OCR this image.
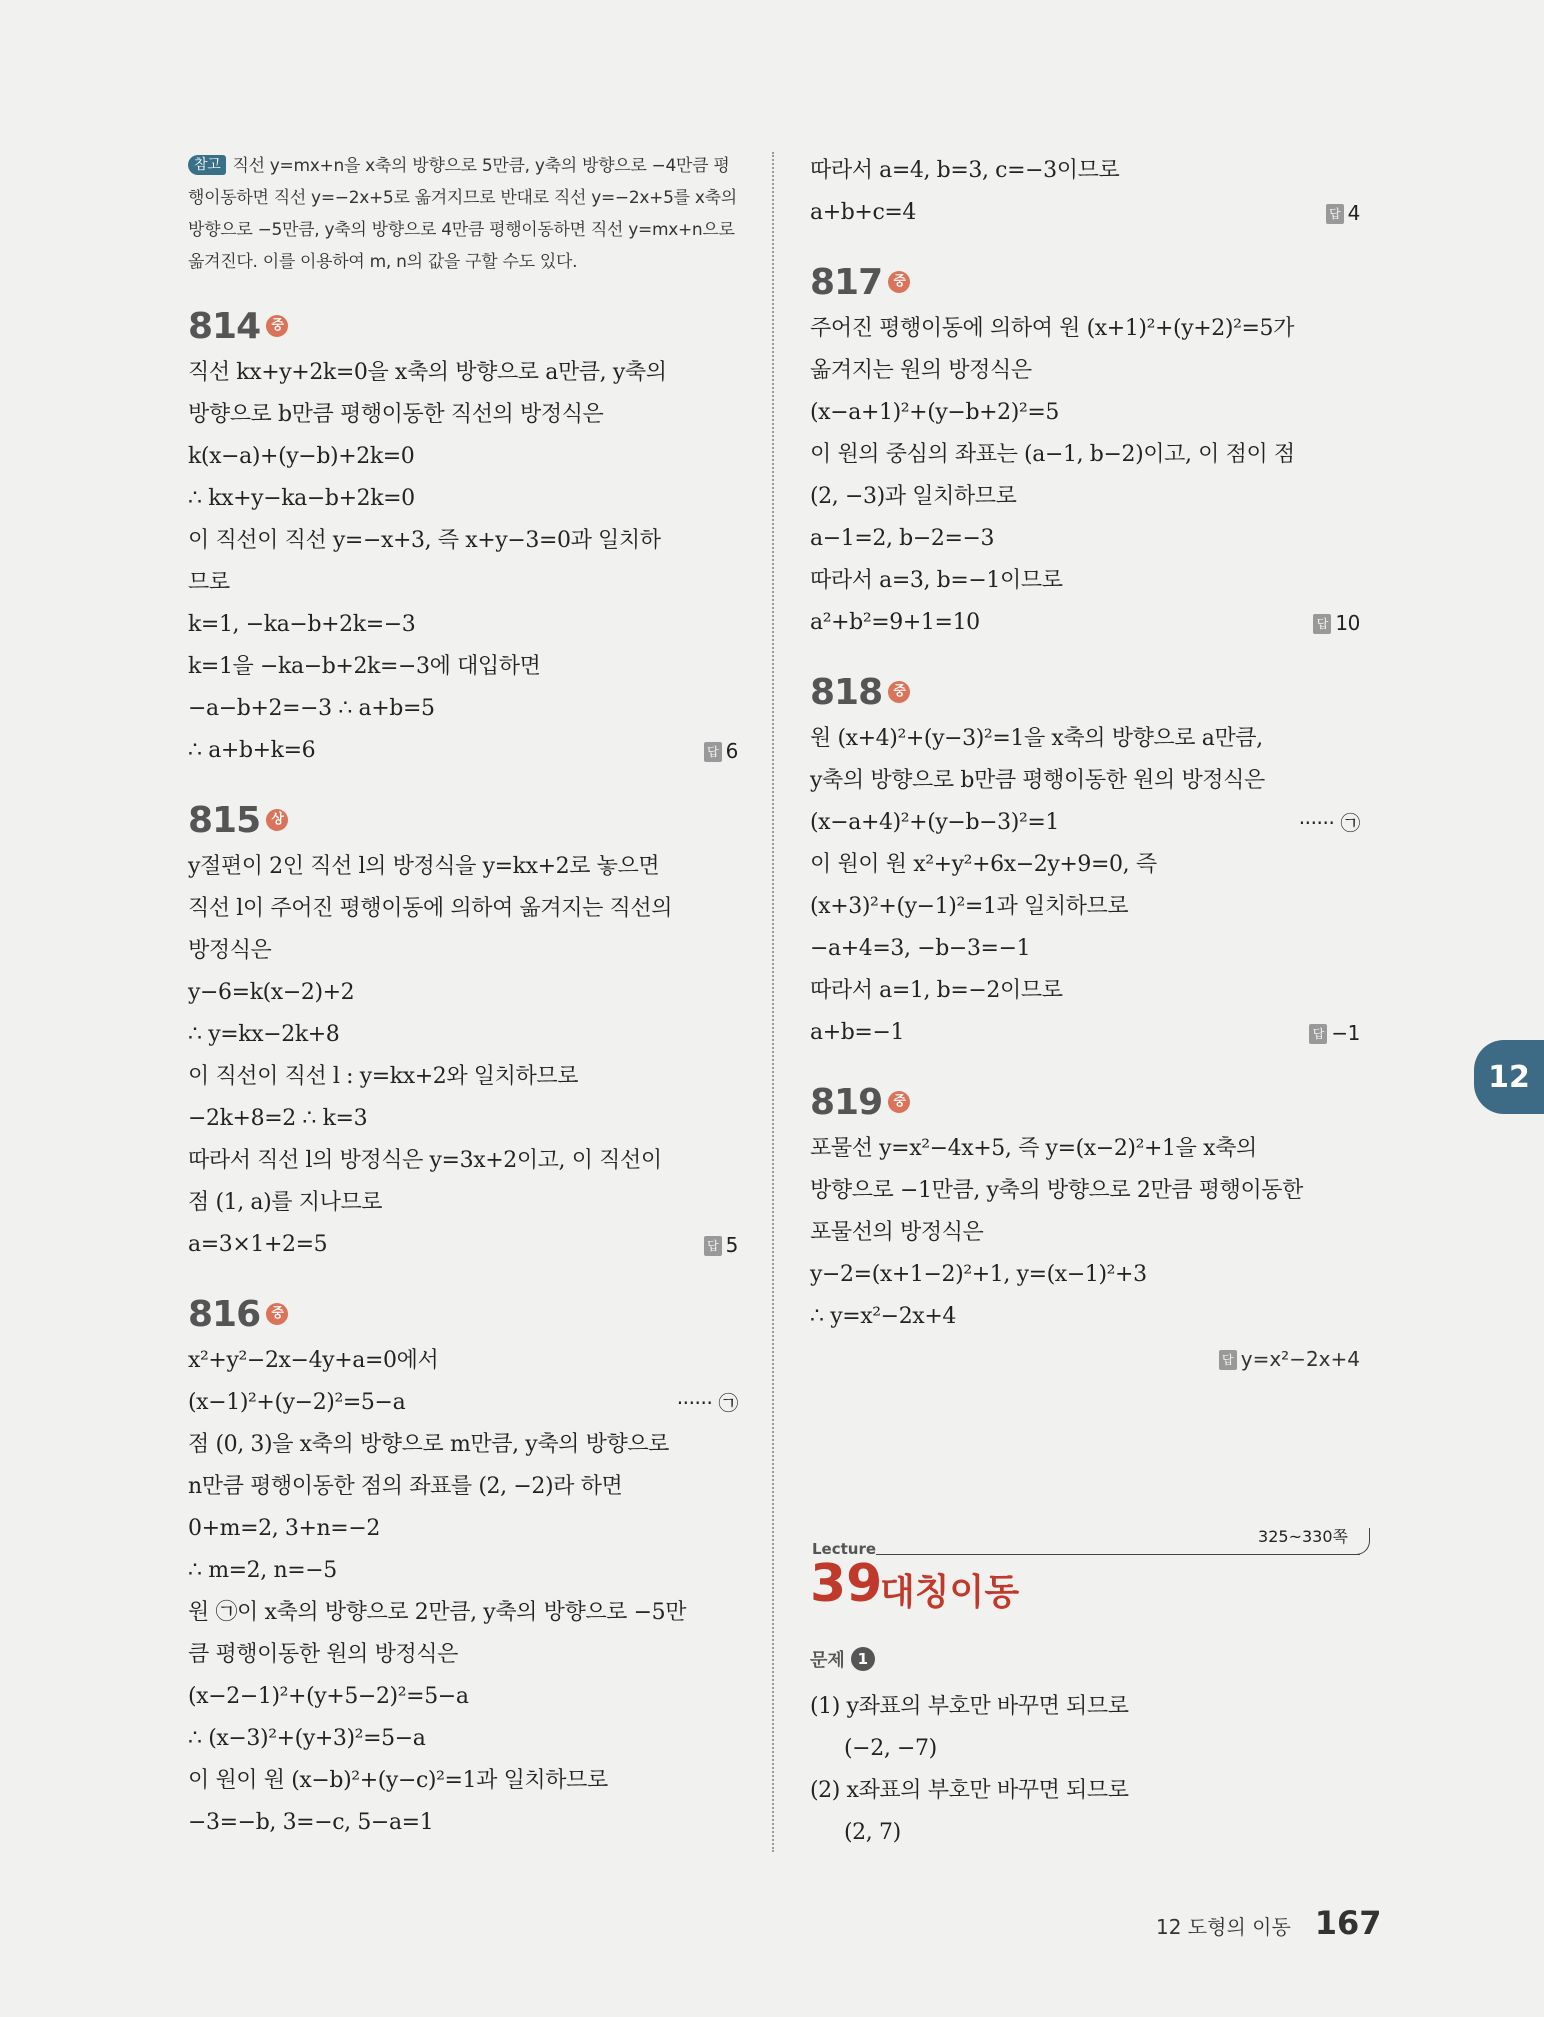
참고 직선 y=mx+n을 x축의 방향으로 5만큼, y축의 방향으로 −4만큼 평행이동하면 직선 y=−2x+5로 옮겨지므로 반대로 직선 y=−2x+5를 x축의 방향으로 −5만큼, y축의 방향으로 4만큼 평행이동하면 직선 y=mx+n으로 옮겨진다. 이를 이용하여 m, n의 값을 구할 수도 있다.
814 중
직선 kx+y+2k=0을 x축의 방향으로 a만큼, y축의
방향으로 b만큼 평행이동한 직선의 방정식은
k(x−a)+(y−b)+2k=0
∴ kx+y−ka−b+2k=0
이 직선이 직선 y=−x+3, 즉 x+y−3=0과 일치하
므로
k=1, −ka−b+2k=−3
k=1을 −ka−b+2k=−3에 대입하면
−a−b+2=−3 ∴ a+b=5
∴ a+b+k=6	답 6
815 상
y절편이 2인 직선 l의 방정식을 y=kx+2로 놓으면
직선 l이 주어진 평행이동에 의하여 옮겨지는 직선의
방정식은
y−6=k(x−2)+2
∴ y=kx−2k+8
이 직선이 직선 l : y=kx+2와 일치하므로
−2k+8=2 ∴ k=3
따라서 직선 l의 방정식은 y=3x+2이고, 이 직선이
점 (1, a)를 지나므로
a=3×1+2=5	답 5
816 중
x²+y²−2x−4y+a=0에서
(x−1)²+(y−2)²=5−a	······ ㉠
점 (0, 3)을 x축의 방향으로 m만큼, y축의 방향으로
n만큼 평행이동한 점의 좌표를 (2, −2)라 하면
0+m=2, 3+n=−2
∴ m=2, n=−5
원 ㉠이 x축의 방향으로 2만큼, y축의 방향으로 −5만
큼 평행이동한 원의 방정식은
(x−2−1)²+(y+5−2)²=5−a
∴ (x−3)²+(y+3)²=5−a
이 원이 원 (x−b)²+(y−c)²=1과 일치하므로
−3=−b, 3=−c, 5−a=1
따라서 a=4, b=3, c=−3이므로
a+b+c=4	답 4
817 중
주어진 평행이동에 의하여 원 (x+1)²+(y+2)²=5가
옮겨지는 원의 방정식은
(x−a+1)²+(y−b+2)²=5
이 원의 중심의 좌표는 (a−1, b−2)이고, 이 점이 점
(2, −3)과 일치하므로
a−1=2, b−2=−3
따라서 a=3, b=−1이므로
a²+b²=9+1=10	답 10
818 중
원 (x+4)²+(y−3)²=1을 x축의 방향으로 a만큼,
y축의 방향으로 b만큼 평행이동한 원의 방정식은
(x−a+4)²+(y−b−3)²=1	······ ㉠
이 원이 원 x²+y²+6x−2y+9=0, 즉
(x+3)²+(y−1)²=1과 일치하므로
−a+4=3, −b−3=−1
따라서 a=1, b=−2이므로
a+b=−1	답 −1
819 중
포물선 y=x²−4x+5, 즉 y=(x−2)²+1을 x축의
방향으로 −1만큼, y축의 방향으로 2만큼 평행이동한
포물선의 방정식은
y−2=(x+1−2)²+1, y=(x−1)²+3
∴ y=x²−2x+4
답 y=x²−2x+4
325~330쪽
Lecture
39
대칭이동
문제 1
(1) y좌표의 부호만 바꾸면 되므로
(−2, −7)
(2) x좌표의 부호만 바꾸면 되므로
(2, 7)
12
12 도형의 이동 167
